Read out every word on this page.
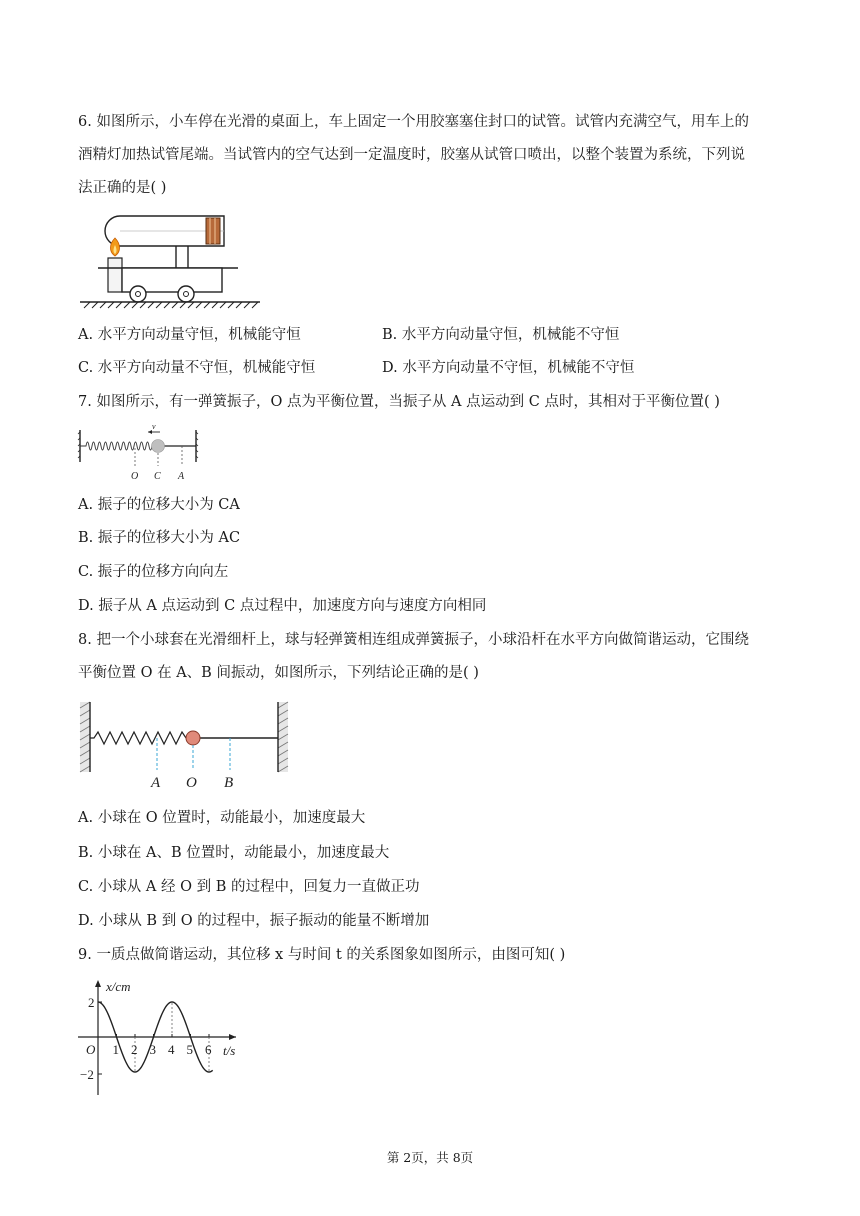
6. 如图所示，小车停在光滑的桌面上，车上固定一个用胶塞塞住封口的试管。试管内充满空气，用车上的
酒精灯加热试管尾端。当试管内的空气达到一定温度时，胶塞从试管口喷出，以整个装置为系统，下列说
法正确的是( )
A. 水平方向动量守恒，机械能守恒	B. 水平方向动量守恒，机械能不守恒
C. 水平方向动量不守恒，机械能守恒	D. 水平方向动量不守恒，机械能不守恒
7. 如图所示，有一弹簧振子，O 点为平衡位置，当振子从 A 点运动到 C 点时，其相对于平衡位置( )
v
O C A
A. 振子的位移大小为 CA
B. 振子的位移大小为 AC
C. 振子的位移方向向左
D. 振子从 A 点运动到 C 点过程中，加速度方向与速度方向相同
8. 把一个小球套在光滑细杆上，球与轻弹簧相连组成弹簧振子，小球沿杆在水平方向做简谐运动，它围绕
平衡位置 O 在 A、B 间振动，如图所示，下列结论正确的是( )
A O B
A. 小球在 O 位置时，动能最小，加速度最大
B. 小球在 A、B 位置时，动能最小，加速度最大
C. 小球从 A 经 O 到 B 的过程中，回复力一直做正功
D. 小球从 B 到 O 的过程中，振子振动的能量不断增加
9. 一质点做简谐运动，其位移 x 与时间 t 的关系图象如图所示，由图可知( )
x/cm
t/s
O
2
−2
1 2 3 4 5 6
第 2页，共 8页
